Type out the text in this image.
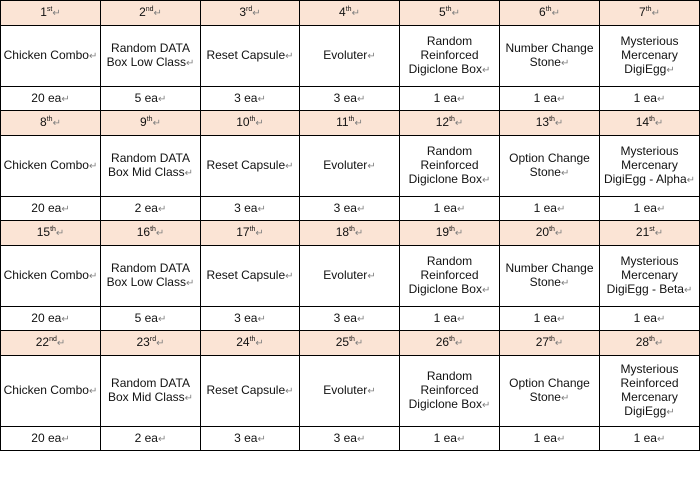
1st↵	2nd↵	3rd↵	4th↵	5th↵	6th↵	7th↵
Chicken Combo↵	Random DATA Box Low Class↵	Reset Capsule↵	Evoluter↵	Random Reinforced Digiclone Box↵	Number Change Stone↵	Mysterious Mercenary DigiEgg↵
20 ea↵	5 ea↵	3 ea↵	3 ea↵	1 ea↵	1 ea↵	1 ea↵
8th↵	9th↵	10th↵	11th↵	12th↵	13th↵	14th↵
Chicken Combo↵	Random DATA Box Mid Class↵	Reset Capsule↵	Evoluter↵	Random Reinforced Digiclone Box↵	Option Change Stone↵	Mysterious Mercenary DigiEgg - Alpha↵
20 ea↵	2 ea↵	3 ea↵	3 ea↵	1 ea↵	1 ea↵	1 ea↵
15th↵	16th↵	17th↵	18th↵	19th↵	20th↵	21st↵
Chicken Combo↵	Random DATA Box Low Class↵	Reset Capsule↵	Evoluter↵	Random Reinforced Digiclone Box↵	Number Change Stone↵	Mysterious Mercenary DigiEgg - Beta↵
20 ea↵	5 ea↵	3 ea↵	3 ea↵	1 ea↵	1 ea↵	1 ea↵
22nd↵	23rd↵	24th↵	25th↵	26th↵	27th↵	28th↵
Chicken Combo↵	Random DATA Box Mid Class↵	Reset Capsule↵	Evoluter↵	Random Reinforced Digiclone Box↵	Option Change Stone↵	Mysterious Reinforced Mercenary DigiEgg↵
20 ea↵	2 ea↵	3 ea↵	3 ea↵	1 ea↵	1 ea↵	1 ea↵
